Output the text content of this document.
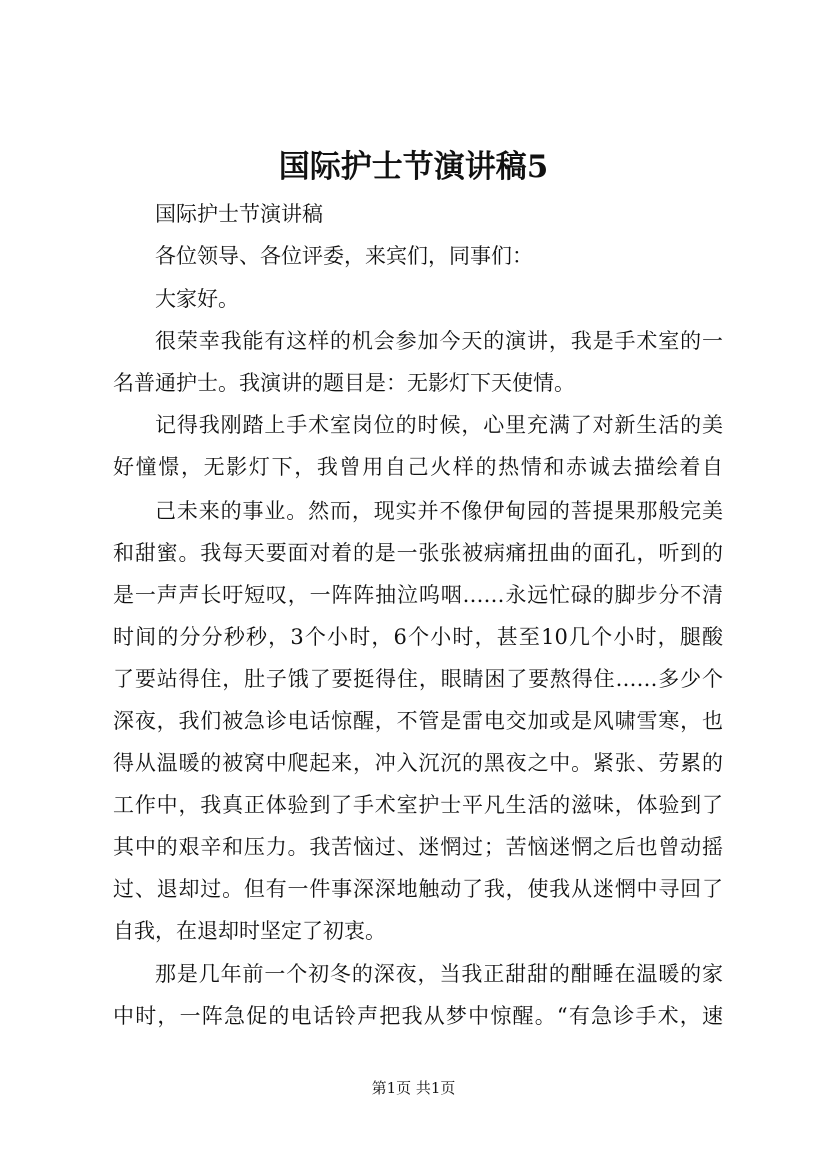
国际护士节演讲稿5
国际护士节演讲稿
各位领导、各位评委，来宾们，同事们：
大家好。
很荣幸我能有这样的机会参加今天的演讲，我是手术室的一
名普通护士。我演讲的题目是：无影灯下天使情。
记得我刚踏上手术室岗位的时候，心里充满了对新生活的美
好憧憬，无影灯下，我曾用自己火样的热情和赤诚去描绘着自
己未来的事业。然而，现实并不像伊甸园的菩提果那般完美
和甜蜜。我每天要面对着的是一张张被病痛扭曲的面孔，听到的
是一声声长吁短叹，一阵阵抽泣呜咽……永远忙碌的脚步分不清
时间的分分秒秒，3个小时，6个小时，甚至10几个小时，腿酸
了要站得住，肚子饿了要挺得住，眼睛困了要熬得住……多少个
深夜，我们被急诊电话惊醒，不管是雷电交加或是风啸雪寒，也
得从温暖的被窝中爬起来，冲入沉沉的黑夜之中。紧张、劳累的
工作中，我真正体验到了手术室护士平凡生活的滋味，体验到了
其中的艰辛和压力。我苦恼过、迷惘过；苦恼迷惘之后也曾动摇
过、退却过。但有一件事深深地触动了我，使我从迷惘中寻回了
自我，在退却时坚定了初衷。
那是几年前一个初冬的深夜，当我正甜甜的酣睡在温暖的家
中时，一阵急促的电话铃声把我从梦中惊醒。“有急诊手术，速
第1页 共1页
